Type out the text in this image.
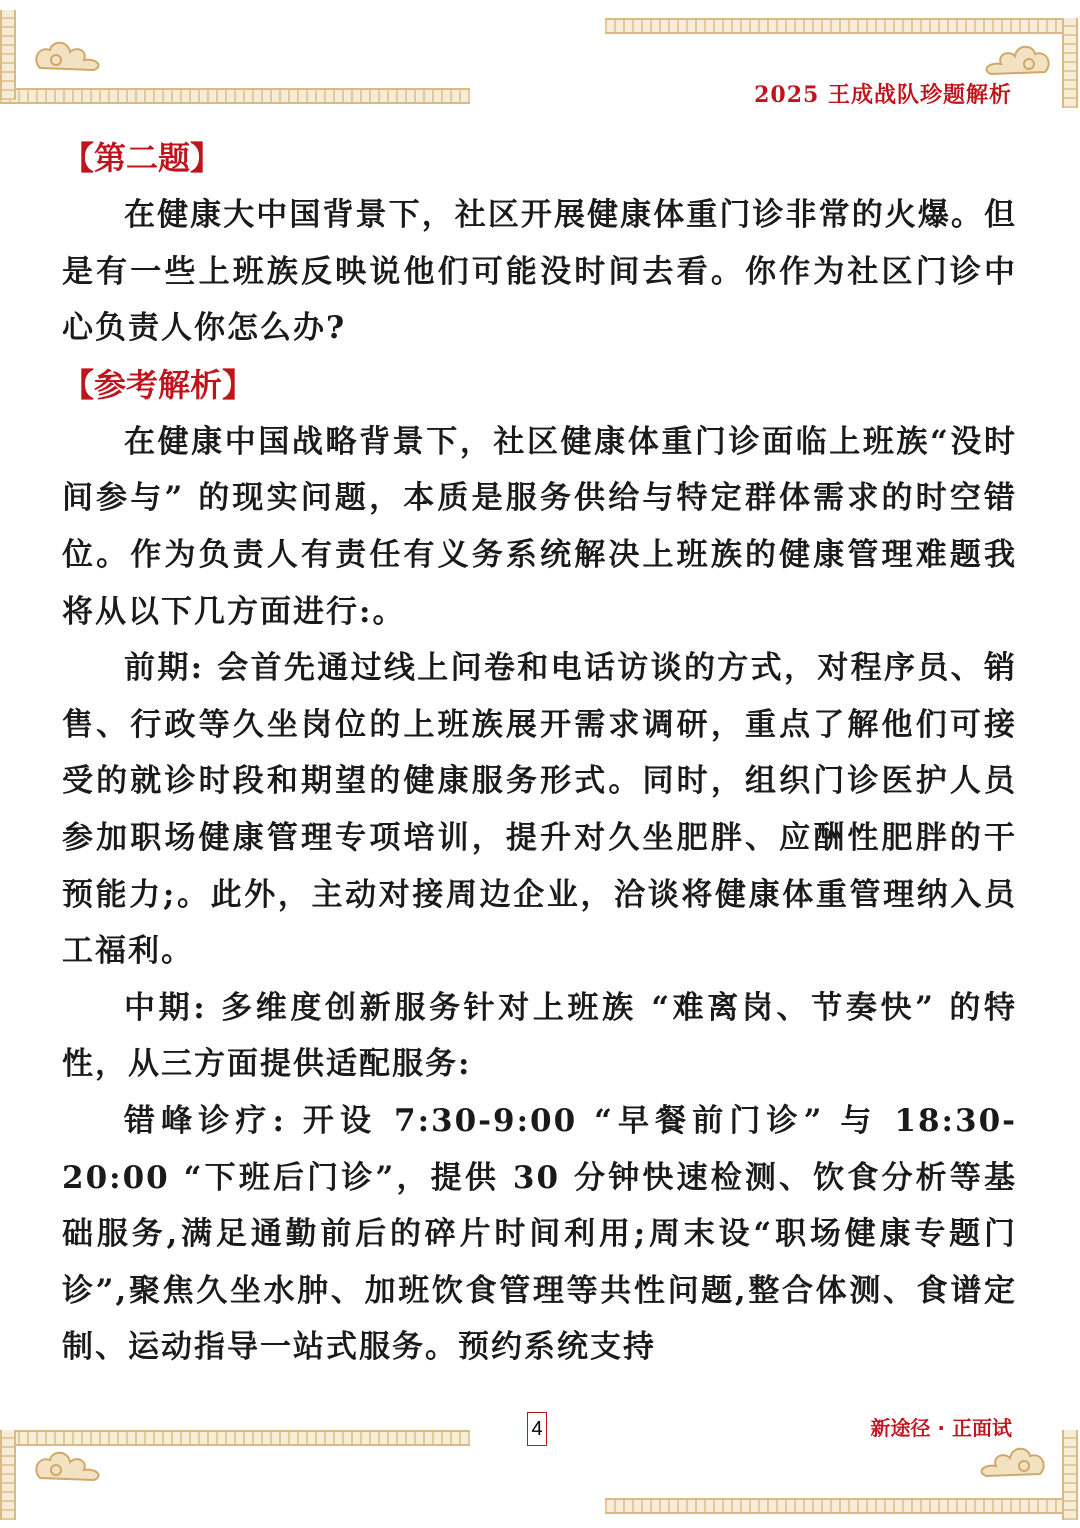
2025 王成战队珍题解析

【第二题】

在健康大中国背景下，社区开展健康体重门诊非常的火爆。但是有一些上班族反映说他们可能没时间去看。你作为社区门诊中心负责人你怎么办?

【参考解析】

在健康中国战略背景下，社区健康体重门诊面临上班族“没时间参与” 的现实问题，本质是服务供给与特定群体需求的时空错位。作为负责人有责任有义务系统解决上班族的健康管理难题我将从以下几方面进行:。

前期: 会首先通过线上问卷和电话访谈的方式，对程序员、销售、行政等久坐岗位的上班族展开需求调研，重点了解他们可接受的就诊时段和期望的健康服务形式。同时，组织门诊医护人员参加职场健康管理专项培训，提升对久坐肥胖、应酬性肥胖的干预能力;。此外，主动对接周边企业，洽谈将健康体重管理纳入员工福利。

中期: 多维度创新服务针对上班族 “难离岗、节奏快” 的特性，从三方面提供适配服务:

错峰诊疗: 开设 7:30-9:00 “早餐前门诊” 与 18:30-20:00 “下班后门诊”，提供 30 分钟快速检测、饮食分析等基础服务,满足通勤前后的碎片时间利用;周末设“职场健康专题门诊”,聚焦久坐水肿、加班饮食管理等共性问题,整合体测、食谱定制、运动指导一站式服务。预约系统支持

4	新途径 · 正面试
